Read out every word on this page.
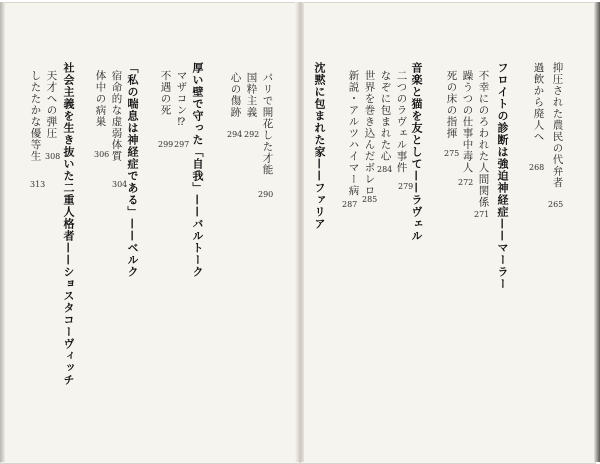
抑圧された農民の代弁者
265
過飲から廃人へ
268
フロイトの診断は強迫神経症——マーラー
不幸にのろわれた人間関係
271
躁うつの仕事中毒人
272
死の床の指揮
275
音楽と猫を友として——ラヴェル
279
二つのラヴェル事件
なぞに包まれた心
284
世界を巻き込んだボレロ
285
新説・アルツハイマー病
287
沈黙に包まれた家——ファリア
パリで開花した才能
290
国粋主義
292
心の傷跡
294
厚い壁で守った「自我」——バルトーク
マザコン⁉
297
不遇の死
299
「私の喘息は神経症である」——ベルク
宿命的な虚弱体質
304
体中の病巣
306
社会主義を生き抜いた二重人格者——ショスタコーヴィッチ
天才への弾圧
308
したたかな優等生
313
